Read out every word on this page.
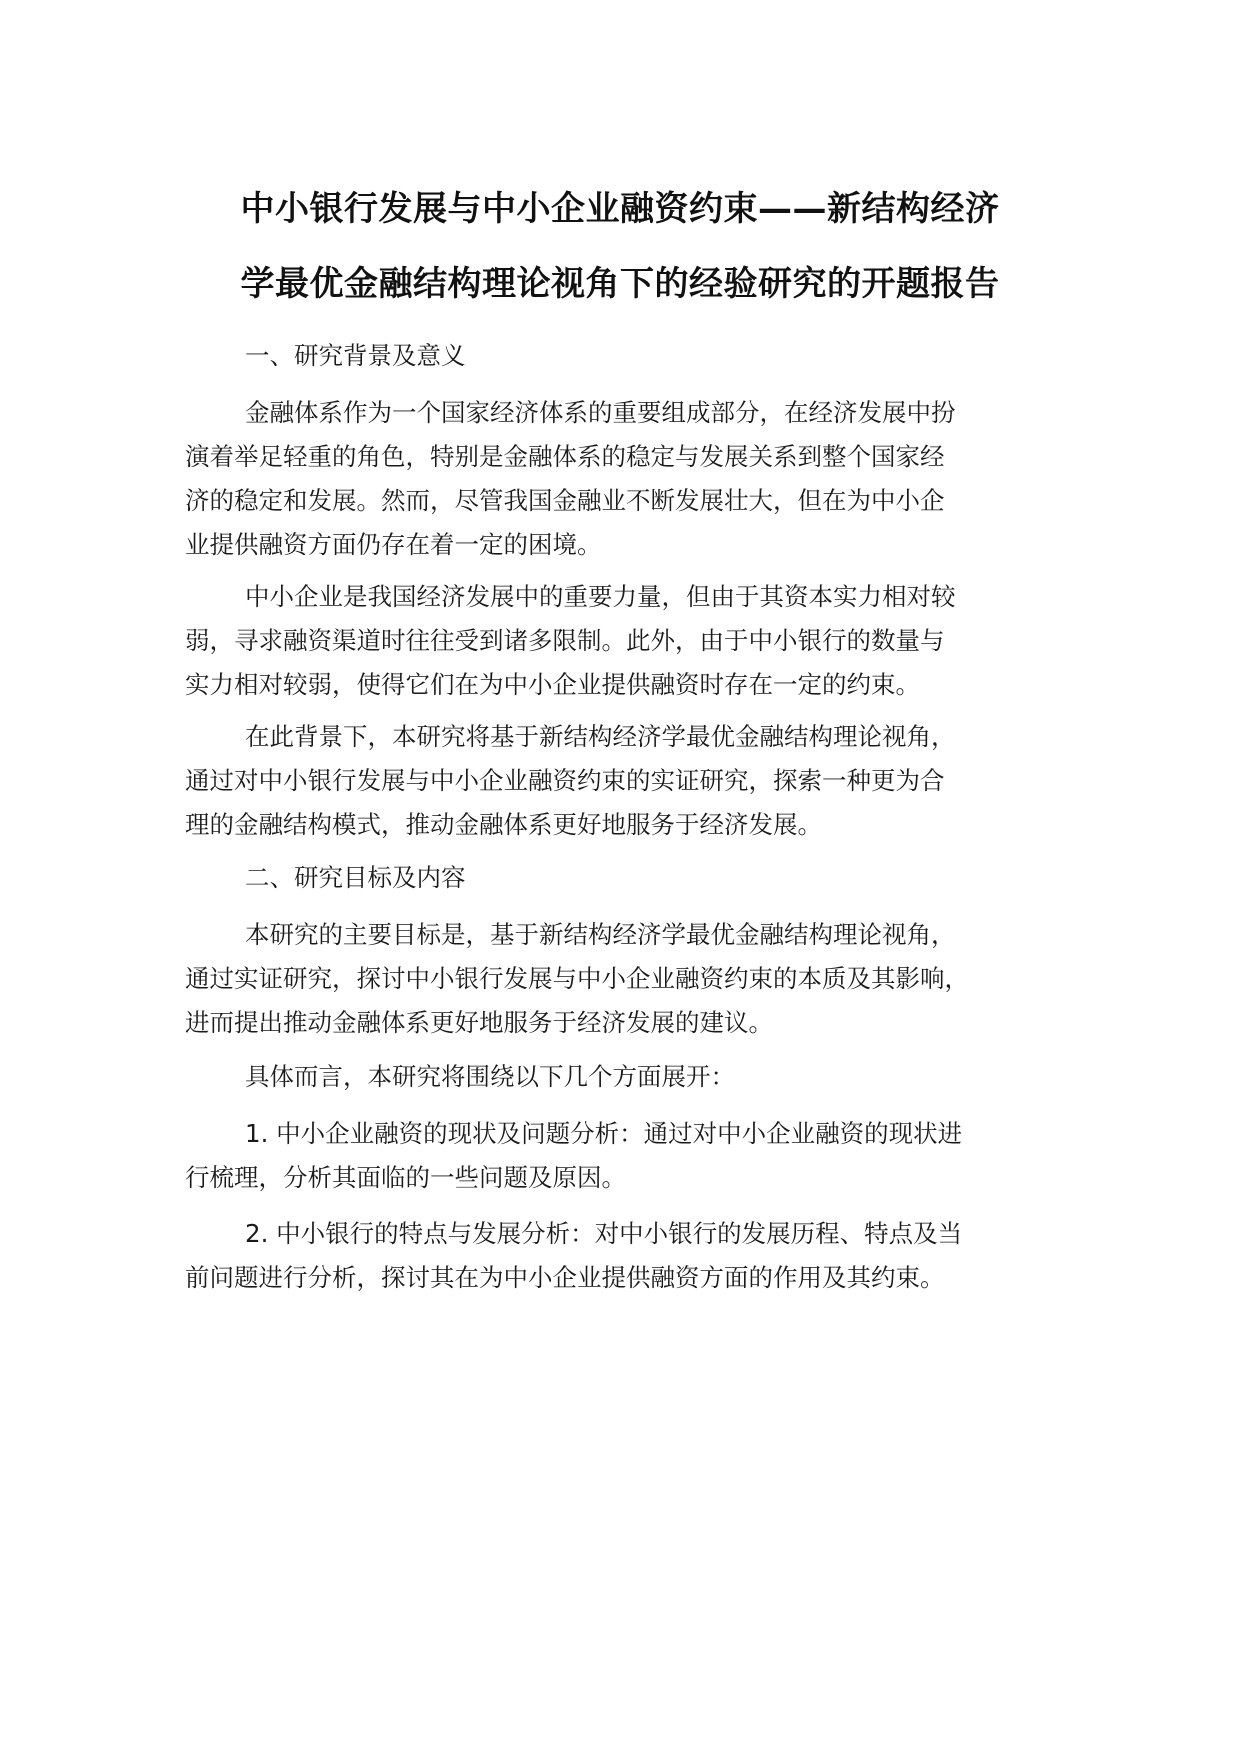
中小银行发展与中小企业融资约束——新结构经济
学最优金融结构理论视角下的经验研究的开题报告
一、研究背景及意义

金融体系作为一个国家经济体系的重要组成部分，在经济发展中扮
演着举足轻重的角色，特别是金融体系的稳定与发展关系到整个国家经
济的稳定和发展。然而，尽管我国金融业不断发展壮大，但在为中小企
业提供融资方面仍存在着一定的困境。

中小企业是我国经济发展中的重要力量，但由于其资本实力相对较
弱，寻求融资渠道时往往受到诸多限制。此外，由于中小银行的数量与
实力相对较弱，使得它们在为中小企业提供融资时存在一定的约束。

在此背景下，本研究将基于新结构经济学最优金融结构理论视角，
通过对中小银行发展与中小企业融资约束的实证研究，探索一种更为合
理的金融结构模式，推动金融体系更好地服务于经济发展。

二、研究目标及内容

本研究的主要目标是，基于新结构经济学最优金融结构理论视角，
通过实证研究，探讨中小银行发展与中小企业融资约束的本质及其影响，
进而提出推动金融体系更好地服务于经济发展的建议。

具体而言，本研究将围绕以下几个方面展开：

1. 中小企业融资的现状及问题分析：通过对中小企业融资的现状进
行梳理，分析其面临的一些问题及原因。

2. 中小银行的特点与发展分析：对中小银行的发展历程、特点及当
前问题进行分析，探讨其在为中小企业提供融资方面的作用及其约束。
